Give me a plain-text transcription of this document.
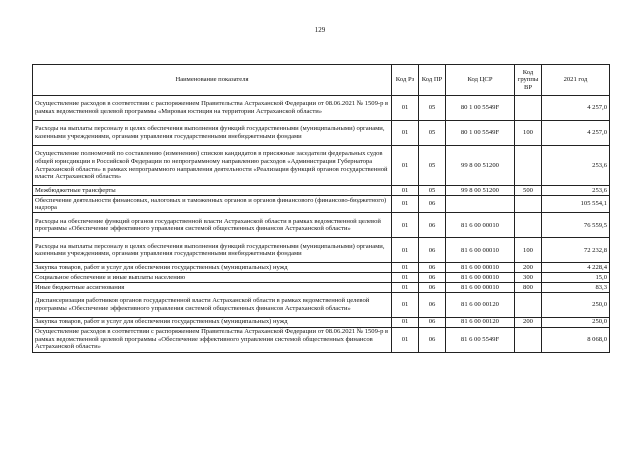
129
Наименование показателя	Код Рз	Код ПР	Код ЦСР	Код группы ВР	2021 год
Осуществление расходов в соответствии с распоряжением Правительства Астраханской Федерации от 08.06.2021 № 1509-р в рамках ведомственной целевой программы «Мировая юстиция на территории Астраханской области»	01	05	80 1 00 5549F		4 257,0
Расходы на выплаты персоналу в целях обеспечения выполнения функций государственными (муниципальными) органами, казенными учреждениями, органами управления государственными внебюджетными фондами	01	05	80 1 00 5549F	100	4 257,0
Осуществление полномочий по составлению (изменению) списков кандидатов в присяжные заседатели федеральных судов общей юрисдикции в Российской Федерации по непрограммному направлению расходов «Администрация Губернатора Астраханской области» в рамках непрограммного направления деятельности «Реализация функций органов государственной власти Астраханской области»	01	05	99 8 00 51200		253,6
Межбюджетные трансферты	01	05	99 8 00 51200	500	253,6
Обеспечение деятельности финансовых, налоговых и таможенных органов и органов финансового (финансово-бюджетного) надзора	01	06			105 554,1
Расходы на обеспечение функций органов государственной власти Астраханской области в рамках ведомственной целевой программы «Обеспечение эффективного управления системой общественных финансов Астраханской области»	01	06	81 6 00 00010		76 559,5
Расходы на выплаты персоналу в целях обеспечения выполнения функций государственными (муниципальными) органами, казенными учреждениями, органами управления государственными внебюджетными фондами	01	06	81 6 00 00010	100	72 232,8
Закупка товаров, работ и услуг для обеспечения государственных (муниципальных) нужд	01	06	81 6 00 00010	200	4 228,4
Социальное обеспечение и иные выплаты населению	01	06	81 6 00 00010	300	15,0
Иные бюджетные ассигнования	01	06	81 6 00 00010	800	83,3
Диспансеризация работников органов государственной власти Астраханской области в рамках ведомственной целевой программы «Обеспечение эффективного управления системой общественных финансов Астраханской области»	01	06	81 6 00 00120		250,0
Закупка товаров, работ и услуг для обеспечения государственных (муниципальных) нужд	01	06	81 6 00 00120	200	250,0
Осуществление расходов в соответствии с распоряжением Правительства Астраханской Федерации от 08.06.2021 № 1509-р в рамках ведомственной целевой программы «Обеспечение эффективного управления системой общественных финансов Астраханской области»	01	06	81 6 00 5549F		8 068,0
